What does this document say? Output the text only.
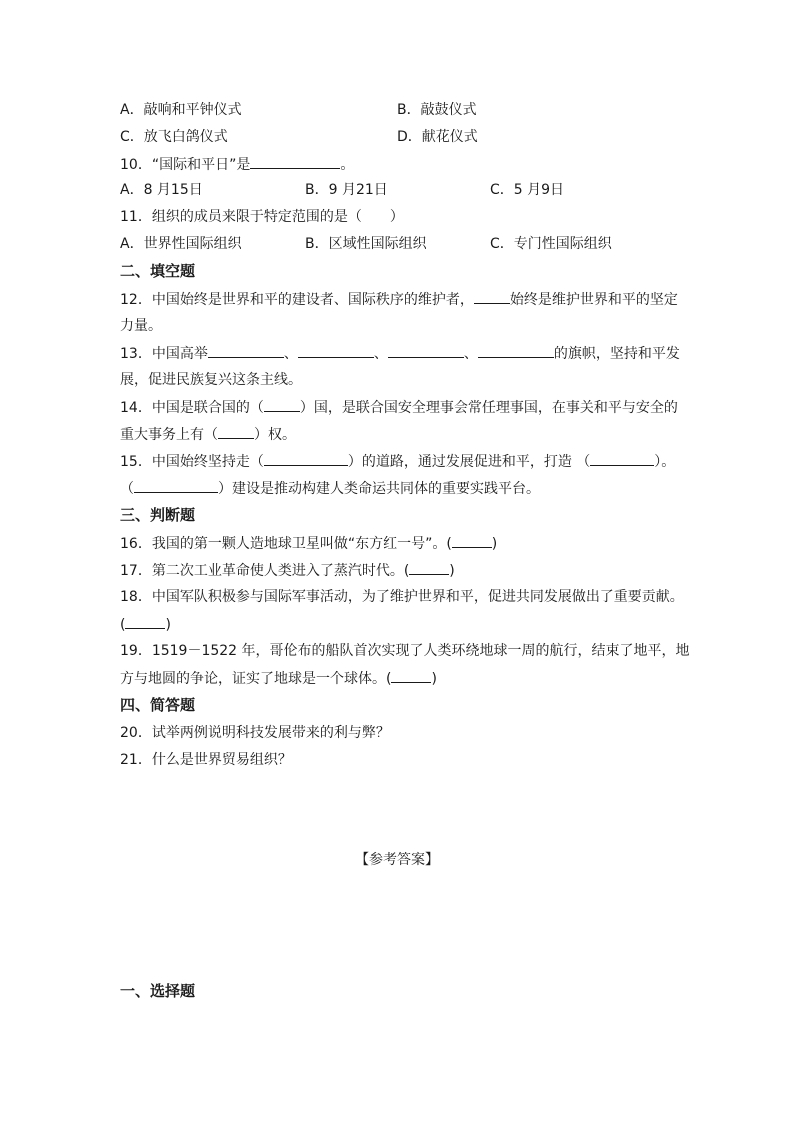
A．敲响和平钟仪式	B．敲鼓仪式
C．放飞白鸽仪式	D．献花仪式
10．“国际和平日”是	。
A．8 月15日	B．9 月21日	C．5 月9日
11．组织的成员来限于特定范围的是（　　）
A．世界性国际组织	B．区域性国际组织	C．专门性国际组织
二、填空题
12．中国始终是世界和平的建设者、国际秩序的维护者，	始终是维护世界和平的坚定
力量。
13．中国高举	、	、	、	的旗帜，坚持和平发
展，促进民族复兴这条主线。
14．中国是联合国的（	）国，是联合国安全理事会常任理事国，在事关和平与安全的
重大事务上有（	）权。
15．中国始终坚持走（	）的道路，通过发展促进和平，打造 （	）。
（	）建设是推动构建人类命运共同体的重要实践平台。
三、判断题
16．我国的第一颗人造地球卫星叫做“东方红一号”。(	)
17．第二次工业革命使人类进入了蒸汽时代。(	)
18．中国军队积极参与国际军事活动，为了维护世界和平，促进共同发展做出了重要贡献。
(	)
19．1519－1522 年，哥伦布的船队首次实现了人类环绕地球一周的航行，结束了地平，地
方与地圆的争论，证实了地球是一个球体。(	)
四、简答题
20．试举两例说明科技发展带来的利与弊？
21．什么是世界贸易组织？
【参考答案】
一、选择题
